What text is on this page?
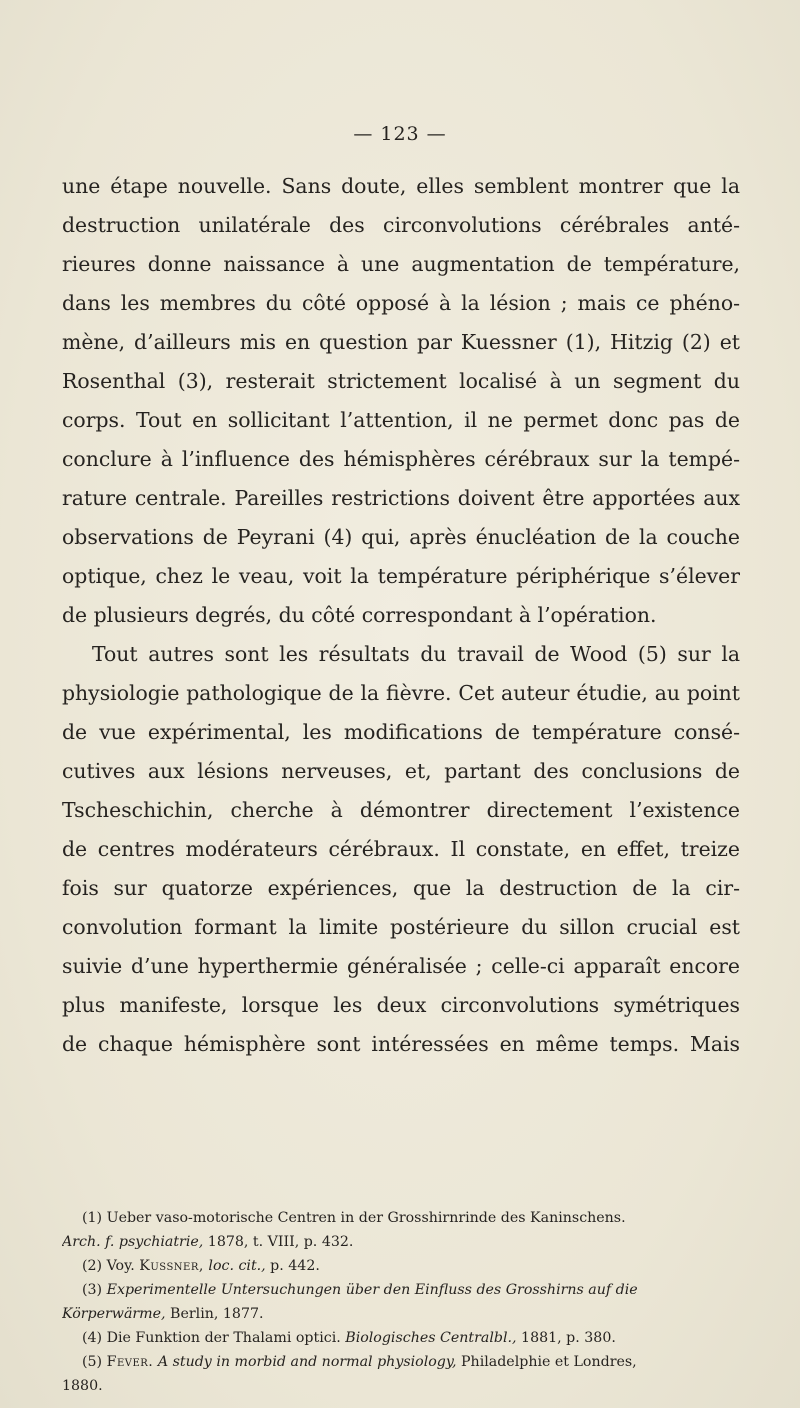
— 123 —
une étape nouvelle. Sans doute, elles semblent montrer que la
destruction unilatérale des circonvolutions cérébrales anté-
rieures donne naissance à une augmentation de température,
dans les membres du côté opposé à la lésion ; mais ce phéno-
mène, d’ailleurs mis en question par Kuessner (1), Hitzig (2) et
Rosenthal (3), resterait strictement localisé à un segment du
corps. Tout en sollicitant l’attention, il ne permet donc pas de
conclure à l’influence des hémisphères cérébraux sur la tempé-
rature centrale. Pareilles restrictions doivent être apportées aux
observations de Peyrani (4) qui, après énucléation de la couche
optique, chez le veau, voit la température périphérique s’élever
de plusieurs degrés, du côté correspondant à l’opération.
Tout autres sont les résultats du travail de Wood (5) sur la
physiologie pathologique de la fièvre. Cet auteur étudie, au point
de vue expérimental, les modifications de température consé-
cutives aux lésions nerveuses, et, partant des conclusions de
Tscheschichin, cherche à démontrer directement l’existence
de centres modérateurs cérébraux. Il constate, en effet, treize
fois sur quatorze expériences, que la destruction de la cir-
convolution formant la limite postérieure du sillon crucial est
suivie d’une hyperthermie généralisée ; celle-ci apparaît encore
plus manifeste, lorsque les deux circonvolutions symétriques
de chaque hémisphère sont intéressées en même temps. Mais
(1) Ueber vaso-motorische Centren in der Grosshirnrinde des Kaninschens.
Arch. f. psychiatrie, 1878, t. VIII, p. 432.
(2) Voy. Kussner, loc. cit., p. 442.
(3) Experimentelle Untersuchungen über den Einfluss des Grosshirns auf die
Körperwärme, Berlin, 1877.
(4) Die Funktion der Thalami optici. Biologisches Centralbl., 1881, p. 380.
(5) Fever. A study in morbid and normal physiology, Philadelphie et Londres,
1880.
